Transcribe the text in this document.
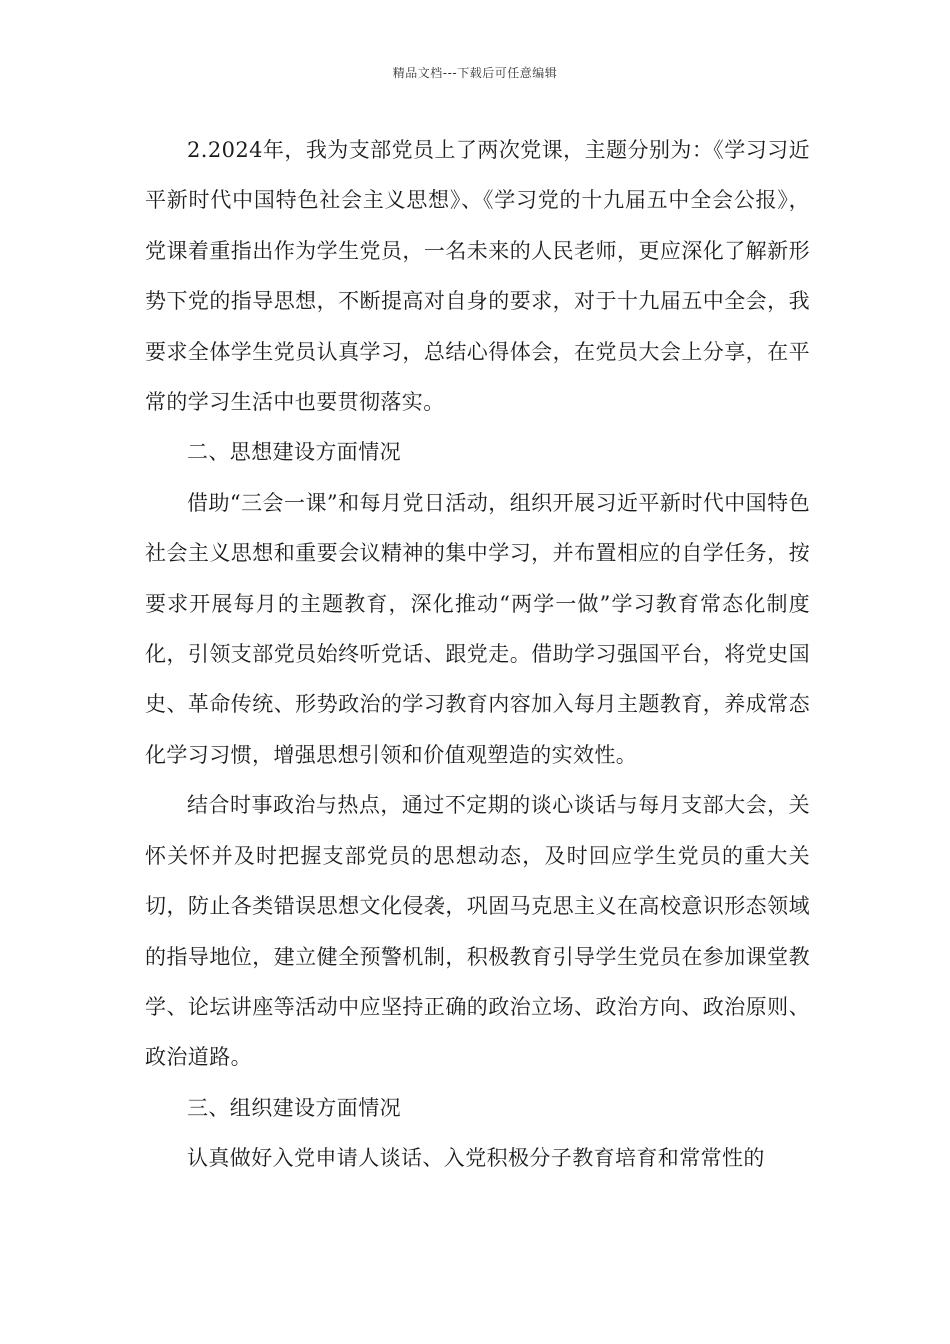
精品文档---下载后可任意编辑

2.2024年，我为支部党员上了两次党课，主题分别为：《学习习近平新时代中国特色社会主义思想》、《学习党的十九届五中全会公报》，党课着重指出作为学生党员，一名未来的人民老师，更应深化了解新形势下党的指导思想，不断提高对自身的要求，对于十九届五中全会，我要求全体学生党员认真学习，总结心得体会，在党员大会上分享，在平常的学习生活中也要贯彻落实。

二、思想建设方面情况

借助“三会一课”和每月党日活动，组织开展习近平新时代中国特色社会主义思想和重要会议精神的集中学习，并布置相应的自学任务，按要求开展每月的主题教育，深化推动“两学一做”学习教育常态化制度化，引领支部党员始终听党话、跟党走。借助学习强国平台，将党史国史、革命传统、形势政治的学习教育内容加入每月主题教育，养成常态化学习习惯，增强思想引领和价值观塑造的实效性。

结合时事政治与热点，通过不定期的谈心谈话与每月支部大会，关怀关怀并及时把握支部党员的思想动态，及时回应学生党员的重大关切，防止各类错误思想文化侵袭，巩固马克思主义在高校意识形态领域的指导地位，建立健全预警机制，积极教育引导学生党员在参加课堂教学、论坛讲座等活动中应坚持正确的政治立场、政治方向、政治原则、政治道路。

三、组织建设方面情况

认真做好入党申请人谈话、入党积极分子教育培育和常常性的
